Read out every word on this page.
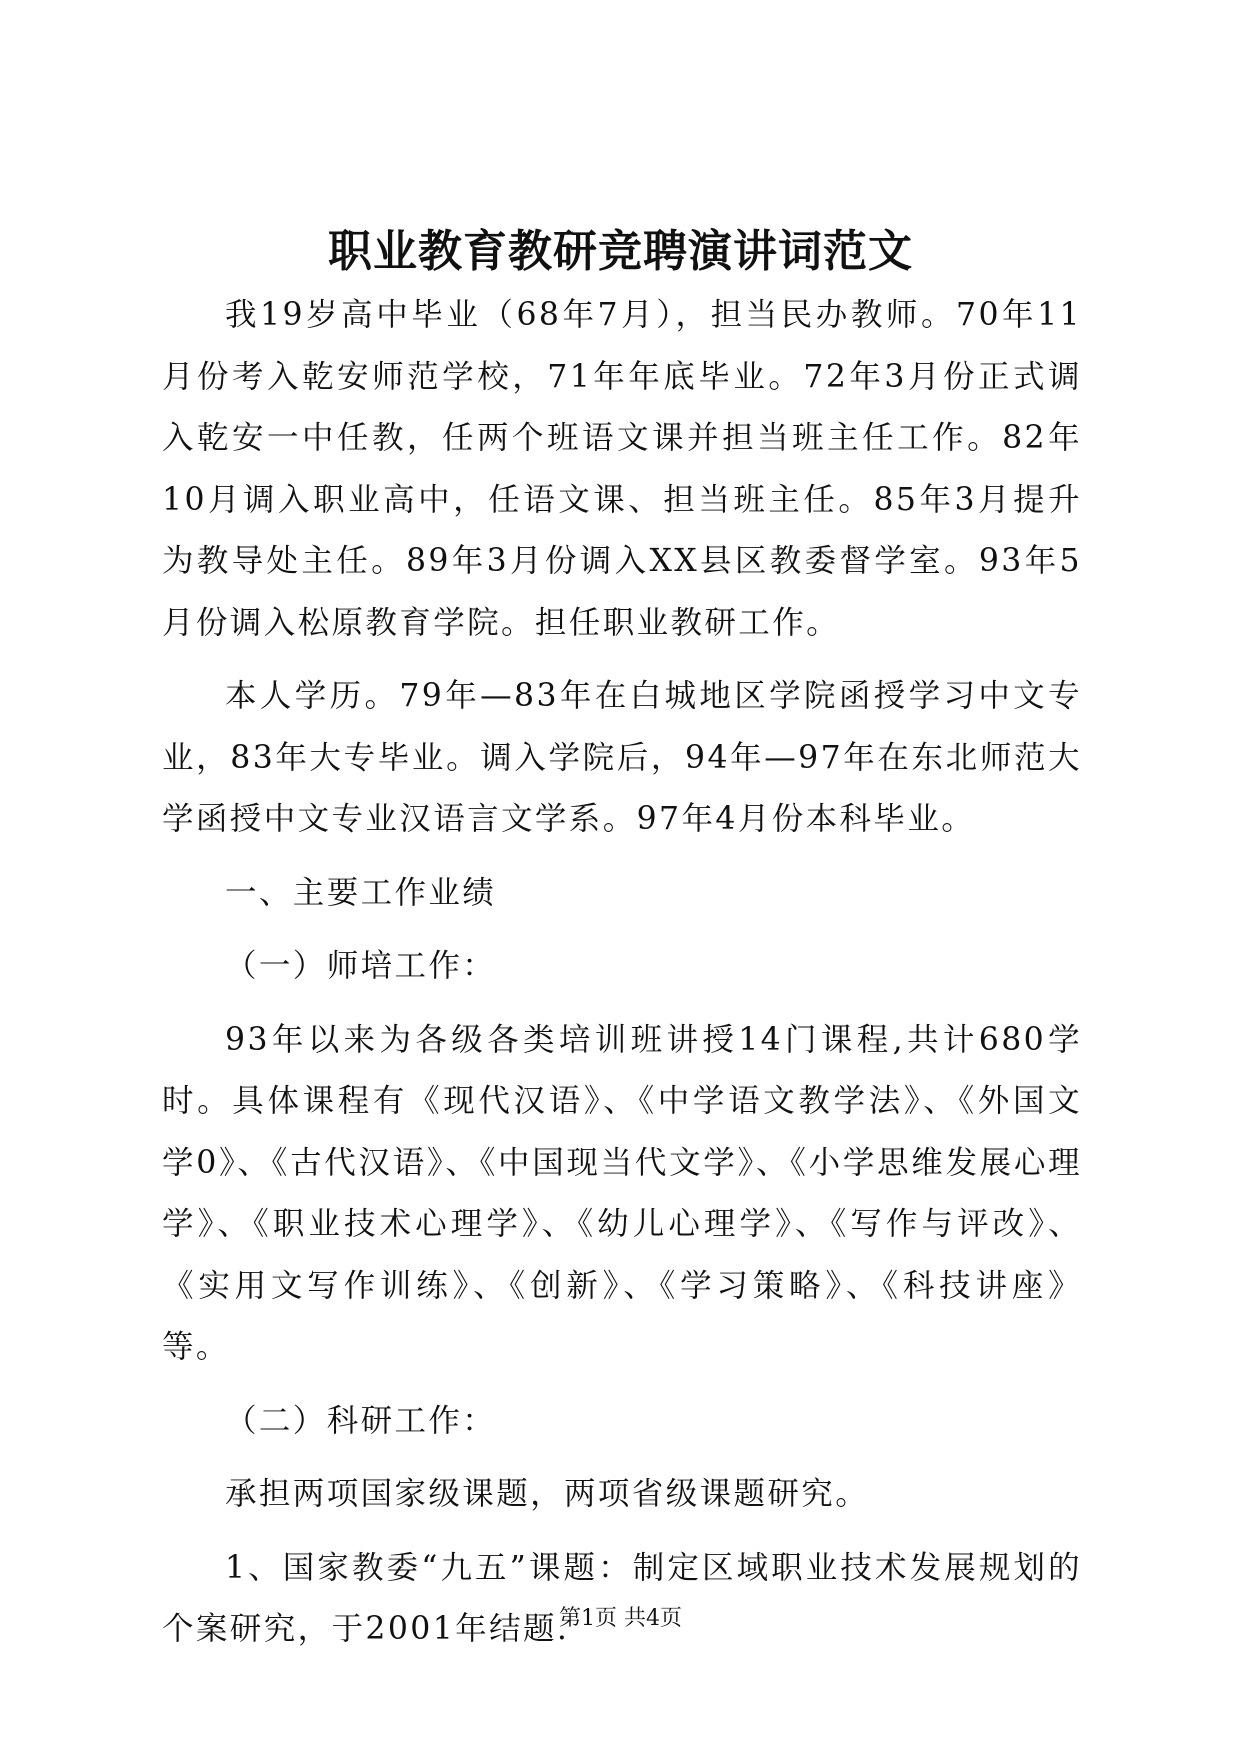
职业教育教研竞聘演讲词范文

我19岁高中毕业（68年7月），担当民办教师。70年11月份考入乾安师范学校，71年年底毕业。72年3月份正式调入乾安一中任教，任两个班语文课并担当班主任工作。82年10月调入职业高中，任语文课、担当班主任。85年3月提升为教导处主任。89年3月份调入XX县区教委督学室。93年5月份调入松原教育学院。担任职业教研工作。

本人学历。79年—83年在白城地区学院函授学习中文专业，83年大专毕业。调入学院后，94年—97年在东北师范大学函授中文专业汉语言文学系。97年4月份本科毕业。

一、主要工作业绩

（一）师培工作：

93年以来为各级各类培训班讲授14门课程,共计680学时。具体课程有《现代汉语》、《中学语文教学法》、《外国文学0》、《古代汉语》、《中国现当代文学》、《小学思维发展心理学》、《职业技术心理学》、《幼儿心理学》、《写作与评改》、《实用文写作训练》、《创新》、《学习策略》、《科技讲座》等。

（二）科研工作：

承担两项国家级课题，两项省级课题研究。

1、国家教委“九五”课题：制定区域职业技术发展规划的个案研究，于2001年结题.

第1页 共4页
